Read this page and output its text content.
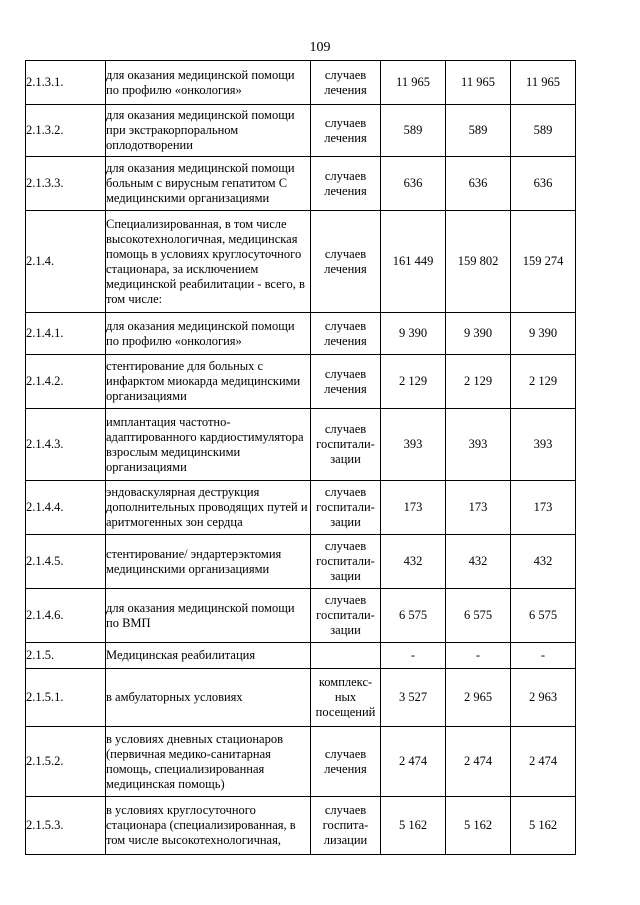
109
2.1.3.1.	для оказания медицинской помощи по профилю «онкология»	случаев лечения	11 965	11 965	11 965
2.1.3.2.	для оказания медицинской помощи при экстракорпоральном оплодотворении	случаев лечения	589	589	589
2.1.3.3.	для оказания медицинской помощи больным с вирусным гепатитом С медицинскими организациями	случаев лечения	636	636	636
2.1.4.	Специализированная, в том числе высокотехнологичная, медицинская помощь в условиях круглосуточного стационара, за исключением медицинской реабилитации - всего, в том числе:	случаев лечения	161 449	159 802	159 274
2.1.4.1.	для оказания медицинской помощи по профилю «онкология»	случаев лечения	9 390	9 390	9 390
2.1.4.2.	стентирование для больных с инфарктом миокарда медицинскими организациями	случаев лечения	2 129	2 129	2 129
2.1.4.3.	имплантация частотно-адаптированного кардиостимулятора взрослым медицинскими организациями	случаев госпитали-зации	393	393	393
2.1.4.4.	эндоваскулярная деструкция дополнительных проводящих путей и аритмогенных зон сердца	случаев госпитали-зации	173	173	173
2.1.4.5.	стентирование/ эндартерэктомия медицинскими организациями	случаев госпитали-зации	432	432	432
2.1.4.6.	для оказания медицинской помощи по ВМП	случаев госпитали-зации	6 575	6 575	6 575
2.1.5.	Медицинская реабилитация		-	-	-
2.1.5.1.	в амбулаторных условиях	комплекс-ных посещений	3 527	2 965	2 963
2.1.5.2.	в условиях дневных стационаров (первичная медико-санитарная помощь, специализированная медицинская помощь)	случаев лечения	2 474	2 474	2 474
2.1.5.3.	в условиях круглосуточного стационара (специализированная, в том числе высокотехнологичная,	случаев госпита-лизации	5 162	5 162	5 162
